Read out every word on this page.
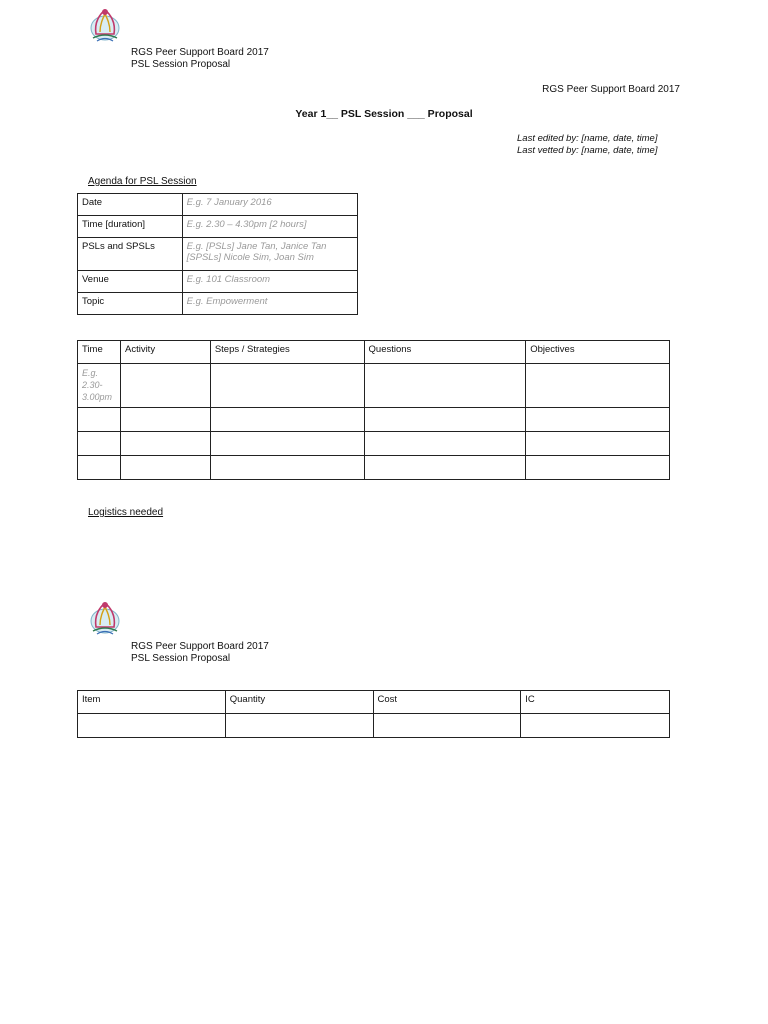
RGS Peer Support Board 2017
PSL Session Proposal
RGS Peer Support Board 2017
Year 1__ PSL Session ___ Proposal
Last edited by: [name, date, time]
Last vetted by: [name, date, time]
Agenda for PSL Session
Date	E.g. 7 January 2016
Time [duration]	E.g. 2.30 – 4.30pm [2 hours]
PSLs and SPSLs	E.g. [PSLs] Jane Tan, Janice Tan
[SPSLs] Nicole Sim, Joan Sim

Venue	E.g. 101 Classroom
Topic	E.g. Empowerment
Time	Activity	Steps / Strategies	Questions	Objectives

E.g.
2.30-
3.00pm				

Logistics needed
RGS Peer Support Board 2017
PSL Session Proposal
Item	Quantity	Cost	IC
